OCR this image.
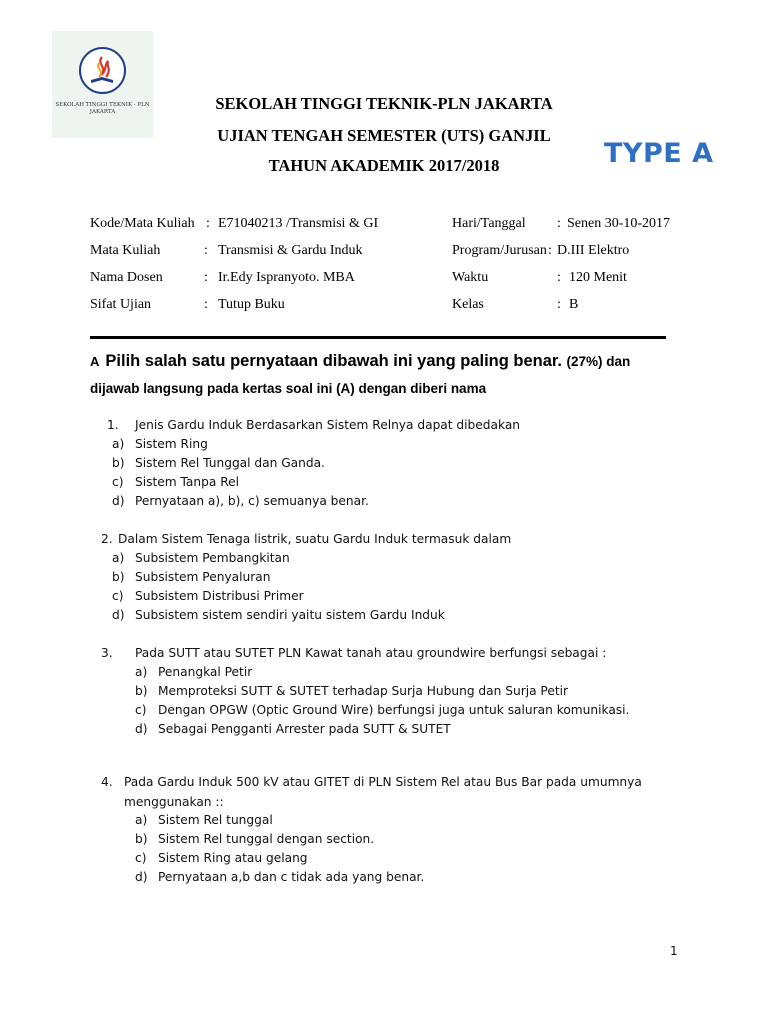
SEKOLAH TINGGI TEKNIK - PLN
JAKARTA	SEKOLAH TINGGI TEKNIK-PLN JAKARTA
UJIAN TENGAH SEMESTER (UTS) GANJIL
TAHUN AKADEMIK 2017/2018	TYPE A
Kode/Mata Kuliah : E71040213 /Transmisi & GI
Mata Kuliah	: Transmisi & Gardu Induk
Nama Dosen	: Ir.Edy Ispranyoto. MBA
Sifat Ujian	: Tutup Buku
Hari/Tanggal : Senen 30-10-2017
Program/Jurusan : D.III Elektro
Waktu	: 120 Menit
Kelas	: B
A Pilih salah satu pernyataan dibawah ini yang paling benar. (27%) dan
dijawab langsung pada kertas soal ini (A) dengan diberi nama
1. Jenis Gardu Induk Berdasarkan Sistem Relnya dapat dibedakan
a) Sistem Ring
b) Sistem Rel Tunggal dan Ganda.
c) Sistem Tanpa Rel
d) Pernyataan a), b), c) semuanya benar.
2. Dalam Sistem Tenaga listrik, suatu Gardu Induk termasuk dalam
a) Subsistem Pembangkitan
b) Subsistem Penyaluran
c) Subsistem Distribusi Primer
d) Subsistem sistem sendiri yaitu sistem Gardu Induk
3. Pada SUTT atau SUTET PLN Kawat tanah atau groundwire berfungsi sebagai :
a) Penangkal Petir
b) Memproteksi SUTT & SUTET terhadap Surja Hubung dan Surja Petir
c) Dengan OPGW (Optic Ground Wire) berfungsi juga untuk saluran komunikasi.
d) Sebagai Pengganti Arrester pada SUTT & SUTET
4. Pada Gardu Induk 500 kV atau GITET di PLN Sistem Rel atau Bus Bar pada umumnya
menggunakan ::
a) Sistem Rel tunggal
b) Sistem Rel tunggal dengan section.
c) Sistem Ring atau gelang
d) Pernyataan a,b dan c tidak ada yang benar.
1
